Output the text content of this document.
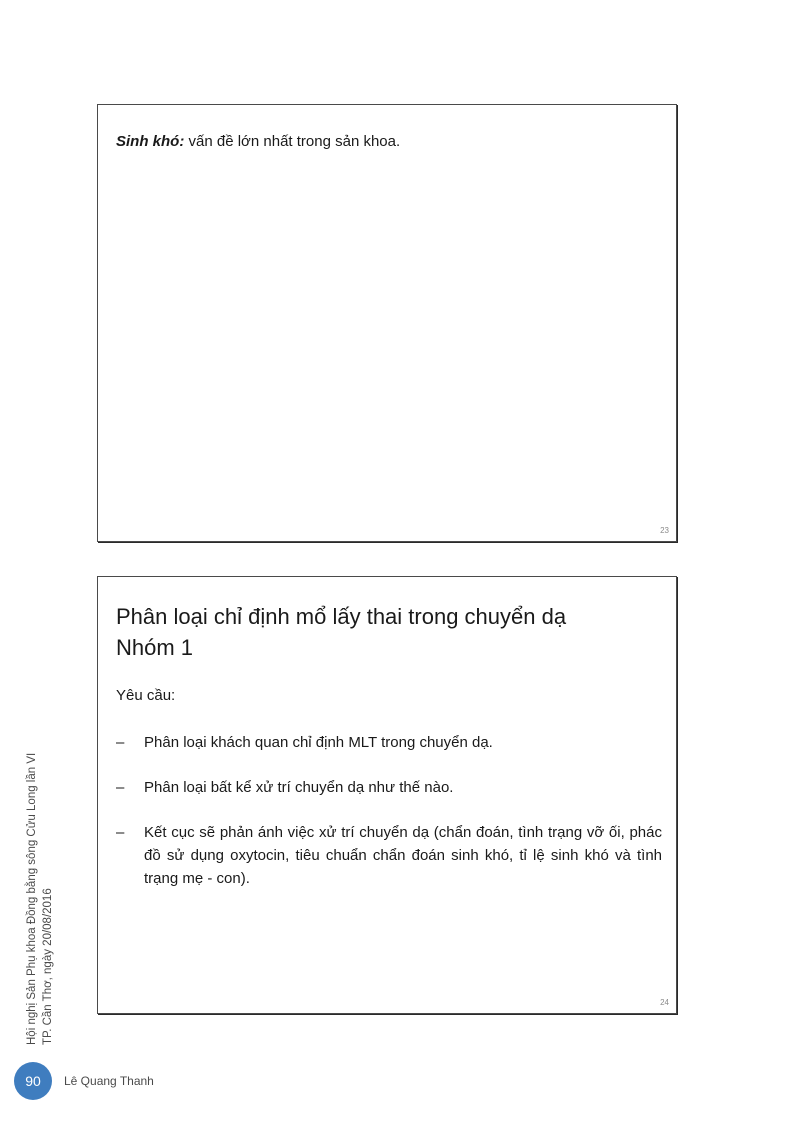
Sinh khó: vấn đề lớn nhất trong sản khoa.
23
Phân loại chỉ định mổ lấy thai trong chuyển dạ
Nhóm 1
Yêu cầu:
– Phân loại khách quan chỉ định MLT trong chuyển dạ.
– Phân loại bất kể xử trí chuyển dạ như thế nào.
– Kết cục sẽ phản ánh việc xử trí chuyển dạ (chẩn đoán, tình trạng vỡ ối, phác đồ sử dụng oxytocin, tiêu chuẩn chẩn đoán sinh khó, tỉ lệ sinh khó và tình trạng mẹ - con).
24
Hội nghị Sản Phụ khoa Đồng bằng sông Cửu Long lần VI TP. Cần Thơ, ngày 20/08/2016
90	Lê Quang Thanh
